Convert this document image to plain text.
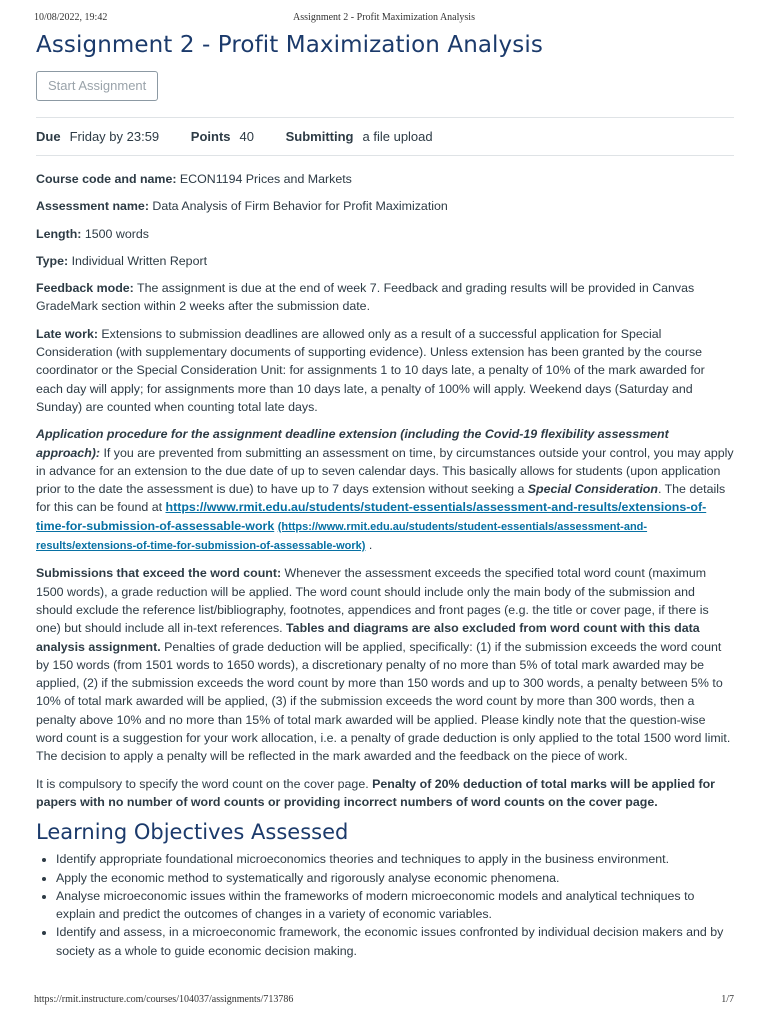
10/08/2022, 19:42	Assignment 2 - Profit Maximization Analysis
Assignment 2 - Profit Maximization Analysis
Start Assignment
Due Friday by 23:59 Points 40 Submitting a file upload

Course code and name: ECON1194 Prices and Markets

Assessment name: Data Analysis of Firm Behavior for Profit Maximization

Length: 1500 words

Type: Individual Written Report

Feedback mode: The assignment is due at the end of week 7. Feedback and grading results will be provided in Canvas GradeMark section within 2 weeks after the submission date.

Late work: Extensions to submission deadlines are allowed only as a result of a successful application for Special Consideration (with supplementary documents of supporting evidence). Unless extension has been granted by the course coordinator or the Special Consideration Unit: for assignments 1 to 10 days late, a penalty of 10% of the mark awarded for each day will apply; for assignments more than 10 days late, a penalty of 100% will apply. Weekend days (Saturday and Sunday) are counted when counting total late days.

Application procedure for the assignment deadline extension (including the Covid-19 flexibility assessment approach): If you are prevented from submitting an assessment on time, by circumstances outside your control, you may apply in advance for an extension to the due date of up to seven calendar days. This basically allows for students (upon application prior to the date the assessment is due) to have up to 7 days extension without seeking a Special Consideration. The details for this can be found at https://www.rmit.edu.au/students/student-essentials/assessment-and-results/extensions-of-time-for-submission-of-assessable-work (https://www.rmit.edu.au/students/student-essentials/assessment-and-results/extensions-of-time-for-submission-of-assessable-work) .

Submissions that exceed the word count: Whenever the assessment exceeds the specified total word count (maximum 1500 words), a grade reduction will be applied. The word count should include only the main body of the submission and should exclude the reference list/bibliography, footnotes, appendices and front pages (e.g. the title or cover page, if there is one) but should include all in-text references. Tables and diagrams are also excluded from word count with this data analysis assignment. Penalties of grade deduction will be applied, specifically: (1) if the submission exceeds the word count by 150 words (from 1501 words to 1650 words), a discretionary penalty of no more than 5% of total mark awarded may be applied, (2) if the submission exceeds the word count by more than 150 words and up to 300 words, a penalty between 5% to 10% of total mark awarded will be applied, (3) if the submission exceeds the word count by more than 300 words, then a penalty above 10% and no more than 15% of total mark awarded will be applied. Please kindly note that the question-wise word count is a suggestion for your work allocation, i.e. a penalty of grade deduction is only applied to the total 1500 word limit. The decision to apply a penalty will be reflected in the mark awarded and the feedback on the piece of work.

It is compulsory to specify the word count on the cover page. Penalty of 20% deduction of total marks will be applied for papers with no number of word counts or providing incorrect numbers of word counts on the cover page.

Learning Objectives Assessed
• Identify appropriate foundational microeconomics theories and techniques to apply in the business environment.
• Apply the economic method to systematically and rigorously analyse economic phenomena.
• Analyse microeconomic issues within the frameworks of modern microeconomic models and analytical techniques to explain and predict the outcomes of changes in a variety of economic variables.
• Identify and assess, in a microeconomic framework, the economic issues confronted by individual decision makers and by society as a whole to guide economic decision making.
https://rmit.instructure.com/courses/104037/assignments/713786	1/7
